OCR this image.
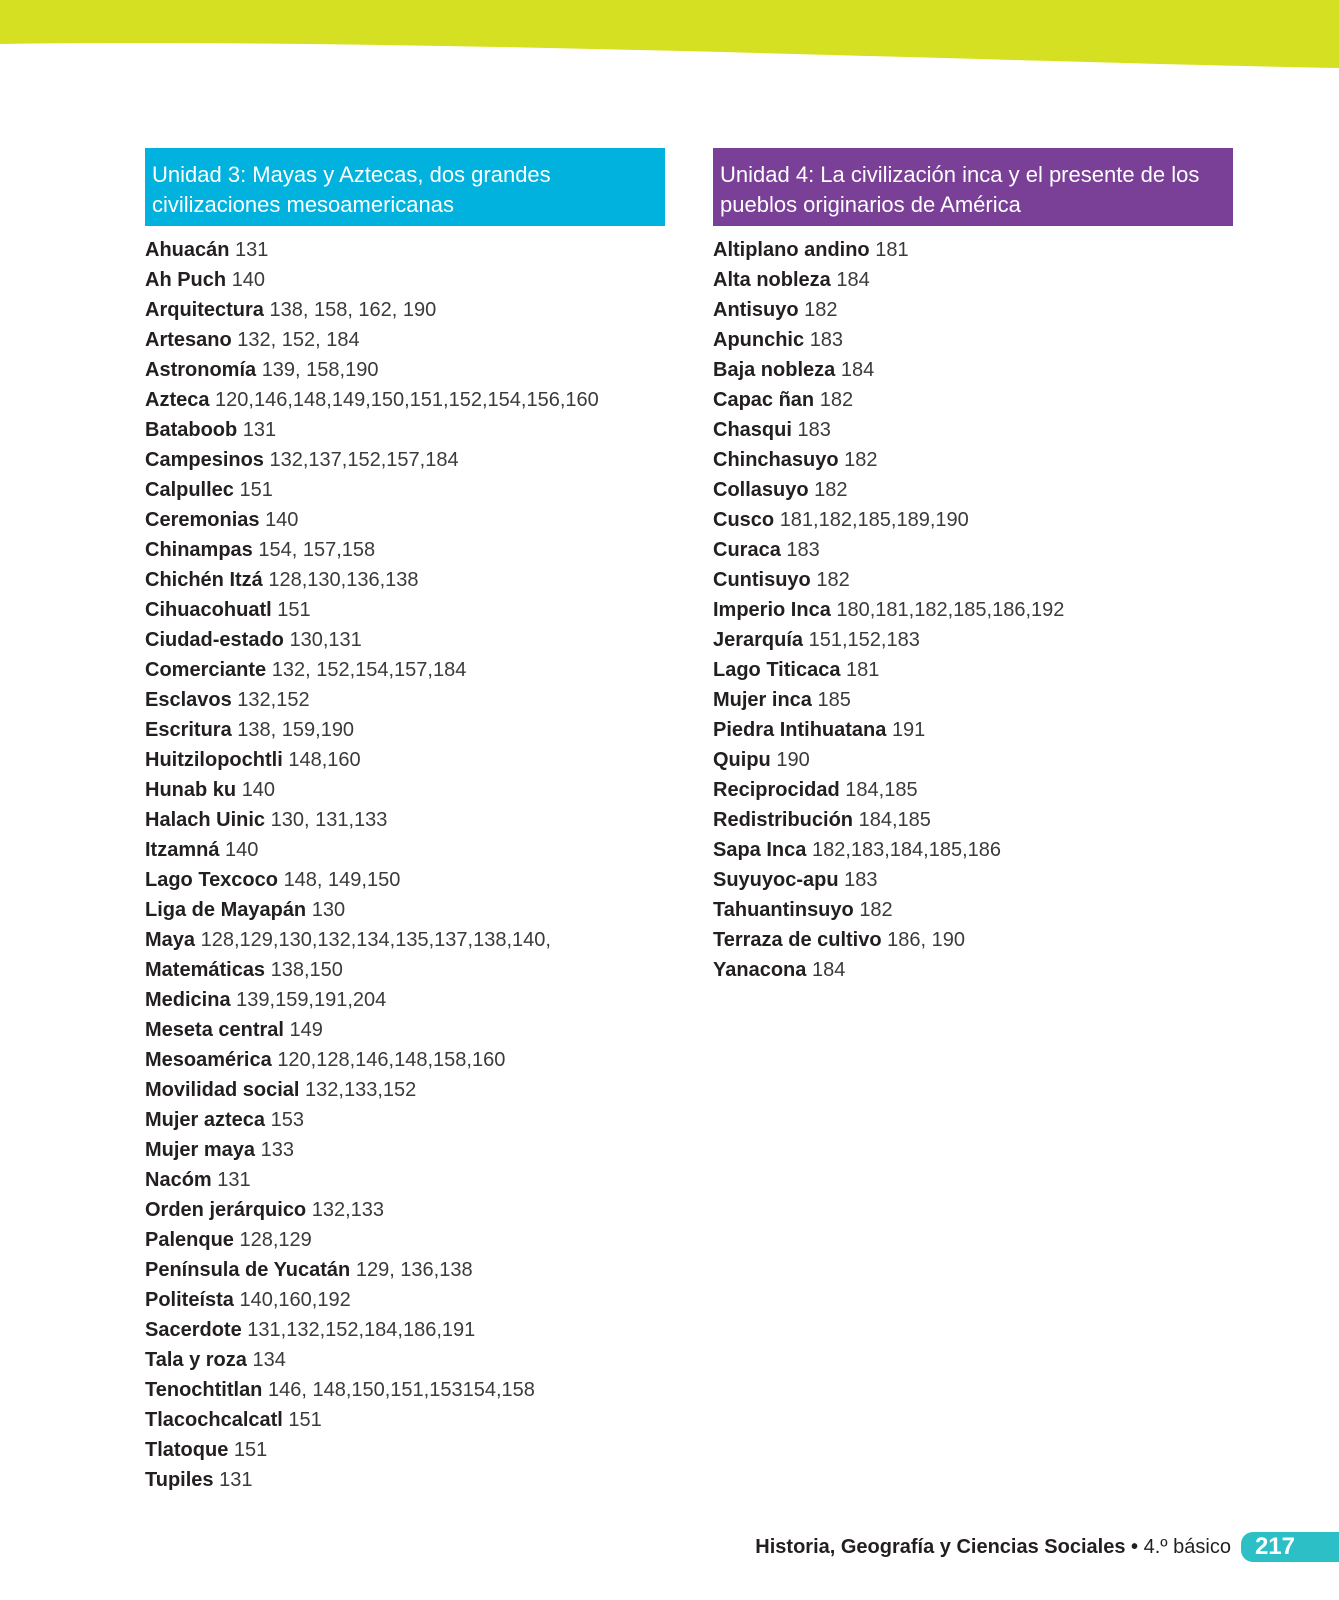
Unidad 3: Mayas y Aztecas, dos grandes
civilizaciones mesoamericanas
Ahuacán 131
Ah Puch 140
Arquitectura 138, 158, 162, 190
Artesano 132, 152, 184
Astronomía 139, 158,190
Azteca 120,146,148,149,150,151,152,154,156,160
Bataboob 131
Campesinos 132,137,152,157,184
Calpullec 151
Ceremonias 140
Chinampas 154, 157,158
Chichén Itzá 128,130,136,138
Cihuacohuatl 151
Ciudad-estado 130,131
Comerciante 132, 152,154,157,184
Esclavos 132,152
Escritura 138, 159,190
Huitzilopochtli 148,160
Hunab ku 140
Halach Uinic 130, 131,133
Itzamná 140
Lago Texcoco 148, 149,150
Liga de Mayapán 130
Maya 128,129,130,132,134,135,137,138,140,
Matemáticas 138,150
Medicina 139,159,191,204
Meseta central 149
Mesoamérica 120,128,146,148,158,160
Movilidad social 132,133,152
Mujer azteca 153
Mujer maya 133
Nacóm 131
Orden jerárquico 132,133
Palenque 128,129
Península de Yucatán 129, 136,138
Politeísta 140,160,192
Sacerdote 131,132,152,184,186,191
Tala y roza 134
Tenochtitlan 146, 148,150,151,153154,158
Tlacochcalcatl 151
Tlatoque 151
Tupiles 131
Unidad 4: La civilización inca y el presente de los
pueblos originarios de América
Altiplano andino 181
Alta nobleza 184
Antisuyo 182
Apunchic 183
Baja nobleza 184
Capac ñan 182
Chasqui 183
Chinchasuyo 182
Collasuyo 182
Cusco 181,182,185,189,190
Curaca 183
Cuntisuyo 182
Imperio Inca 180,181,182,185,186,192
Jerarquía 151,152,183
Lago Titicaca 181
Mujer inca 185
Piedra Intihuatana 191
Quipu 190
Reciprocidad 184,185
Redistribución 184,185
Sapa Inca 182,183,184,185,186
Suyuyoc-apu 183
Tahuantinsuyo 182
Terraza de cultivo 186, 190
Yanacona 184
Historia, Geografía y Ciencias Sociales • 4.º básico	217
